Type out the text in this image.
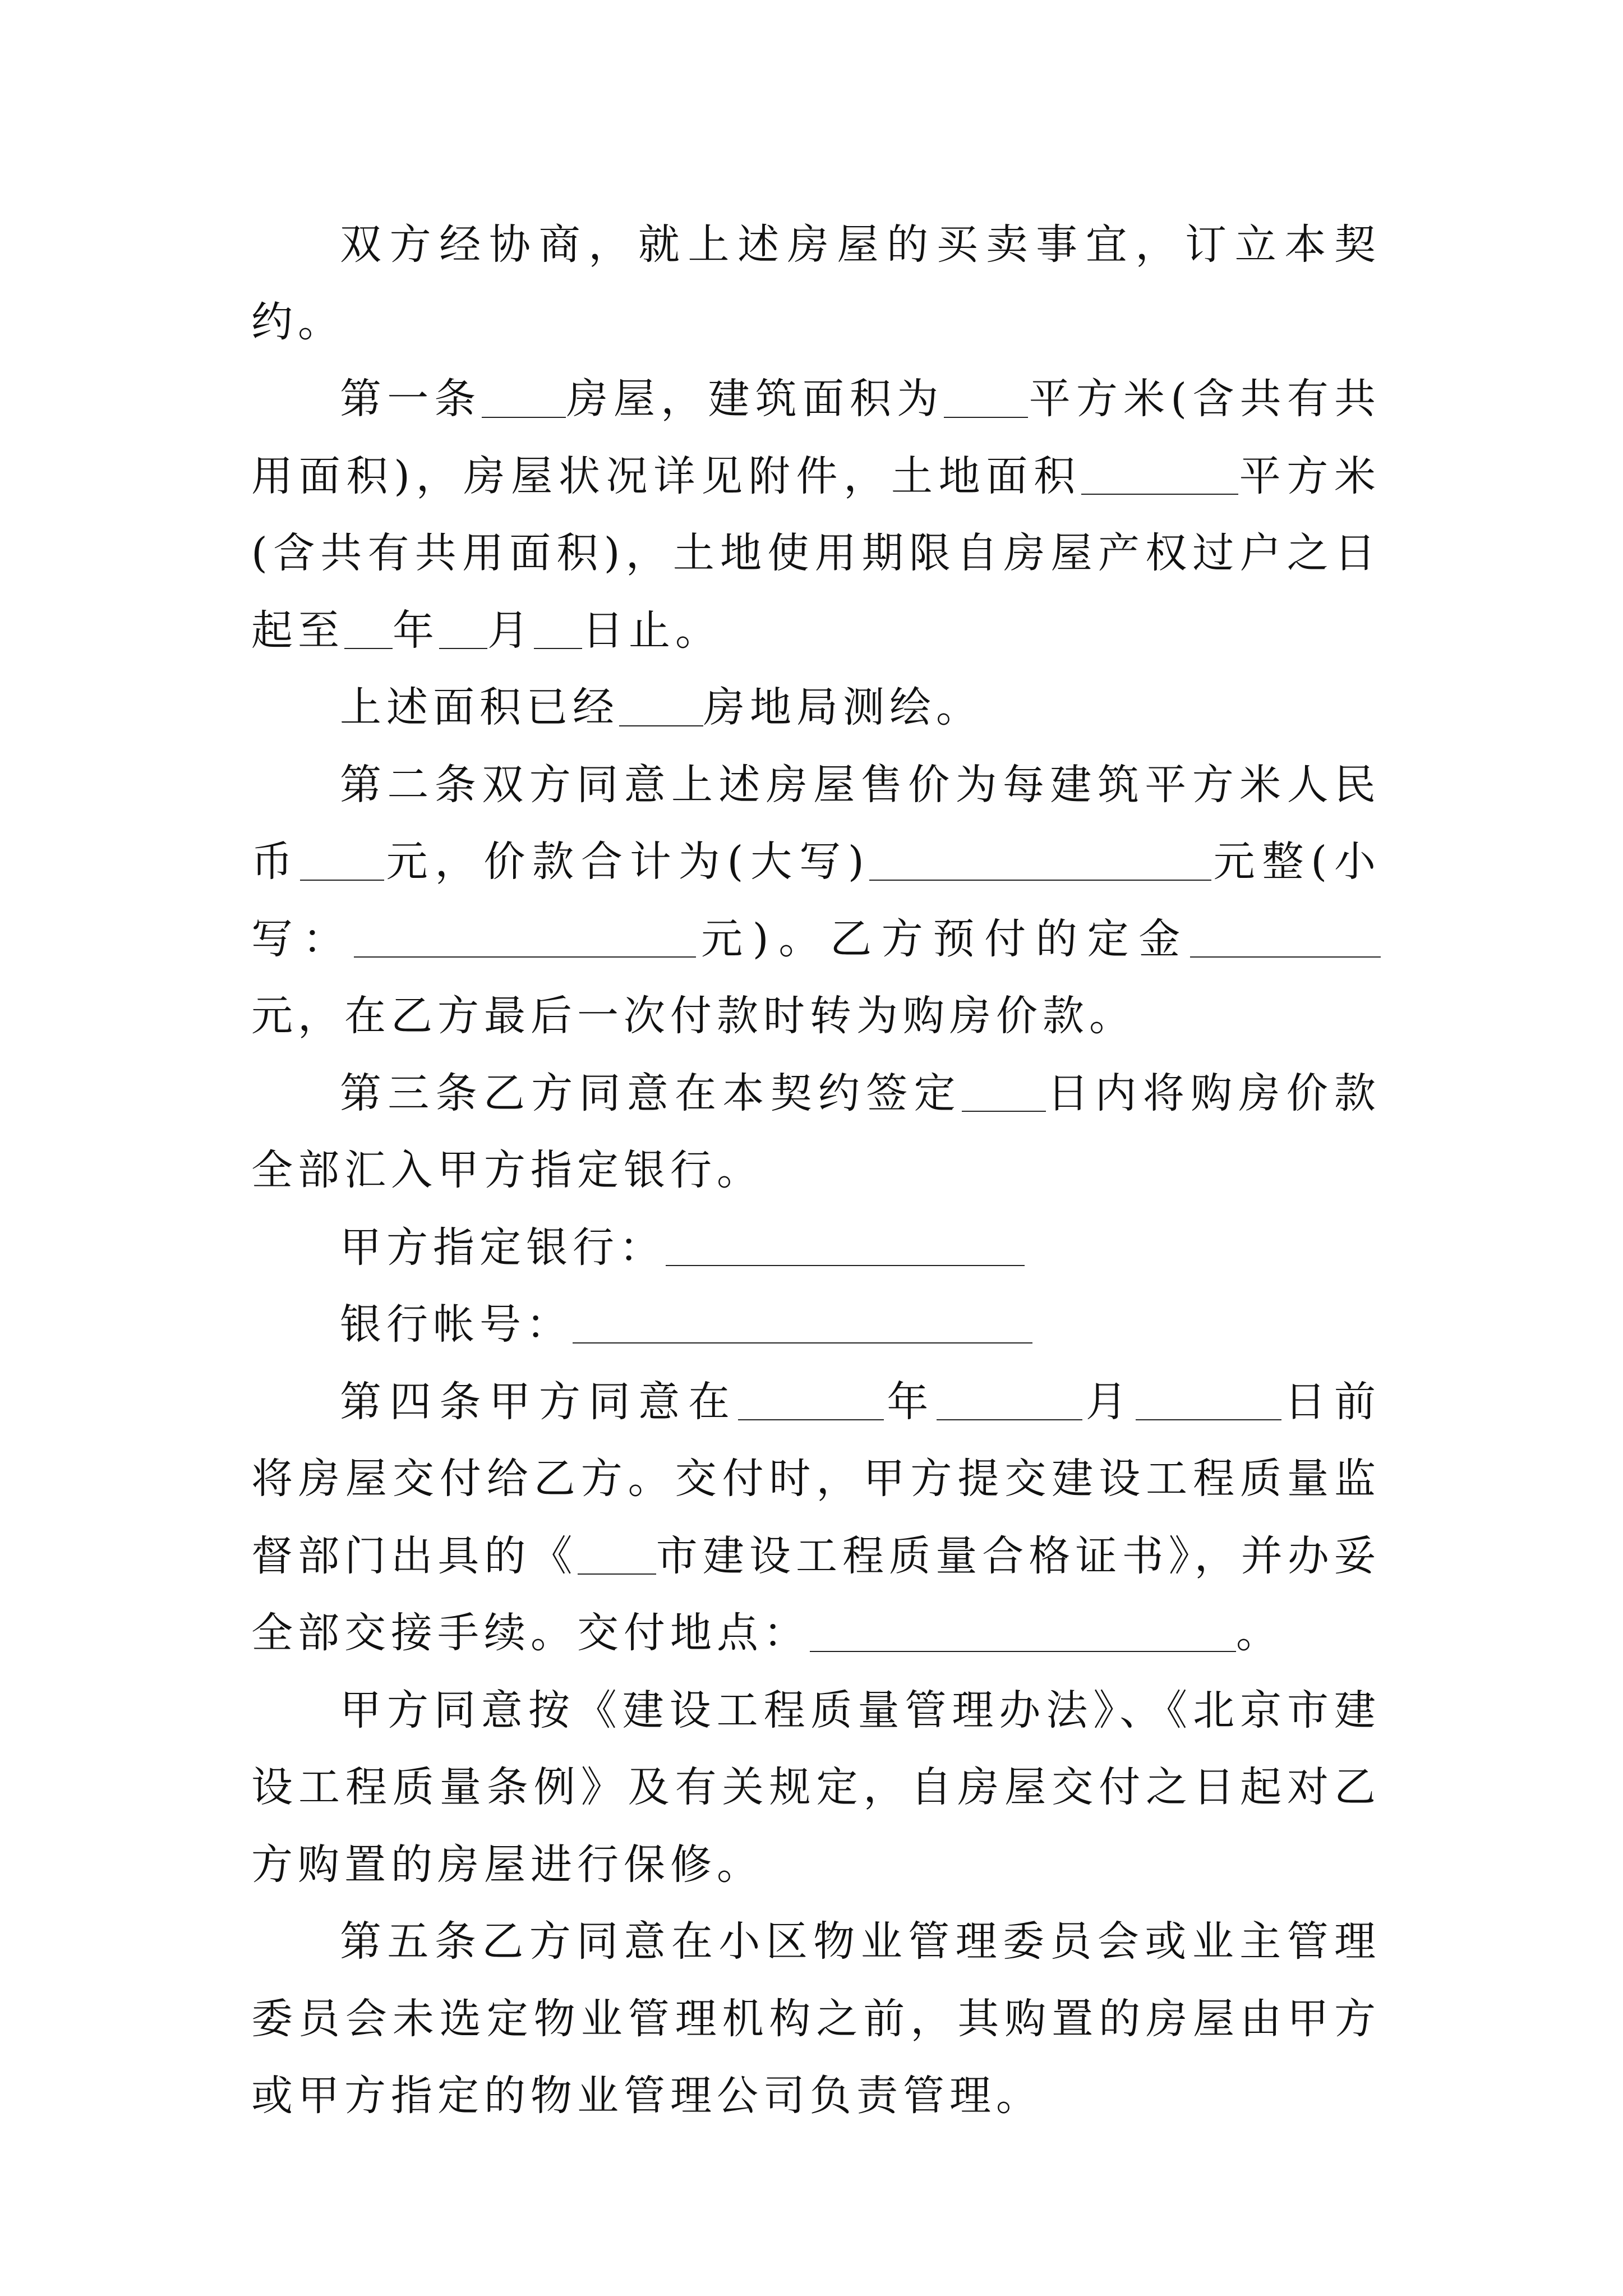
双方经协商，就上述房屋的买卖事宜，订立本契约。

第一条 房屋，建筑面积为 平方米(含共有共用面积)，房屋状况详见附件，土地面积	平方米(含共有共用面积)，土地使用期限自房屋产权过户之日起至 年 月 日止。

上述面积已经 房地局测绘。

第二条双方同意上述房屋售价为每建筑平方米人民币 元，价款合计为(大写)	元整(小写：	元)。乙方预付的定金元，在乙方最后一次付款时转为购房价款。

第三条乙方同意在本契约签定 日内将购房价款全部汇入甲方指定银行。

甲方指定银行：

银行帐号：

第四条甲方同意在	年	月	日前将房屋交付给乙方。交付时，甲方提交建设工程质量监督部门出具的《 市建设工程质量合格证书》，并办妥全部交接手续。交付地点：	。

甲方同意按《建设工程质量管理办法》、《北京市建设工程质量条例》及有关规定，自房屋交付之日起对乙方购置的房屋进行保修。

第五条乙方同意在小区物业管理委员会或业主管理委员会未选定物业管理机构之前，其购置的房屋由甲方或甲方指定的物业管理公司负责管理。
